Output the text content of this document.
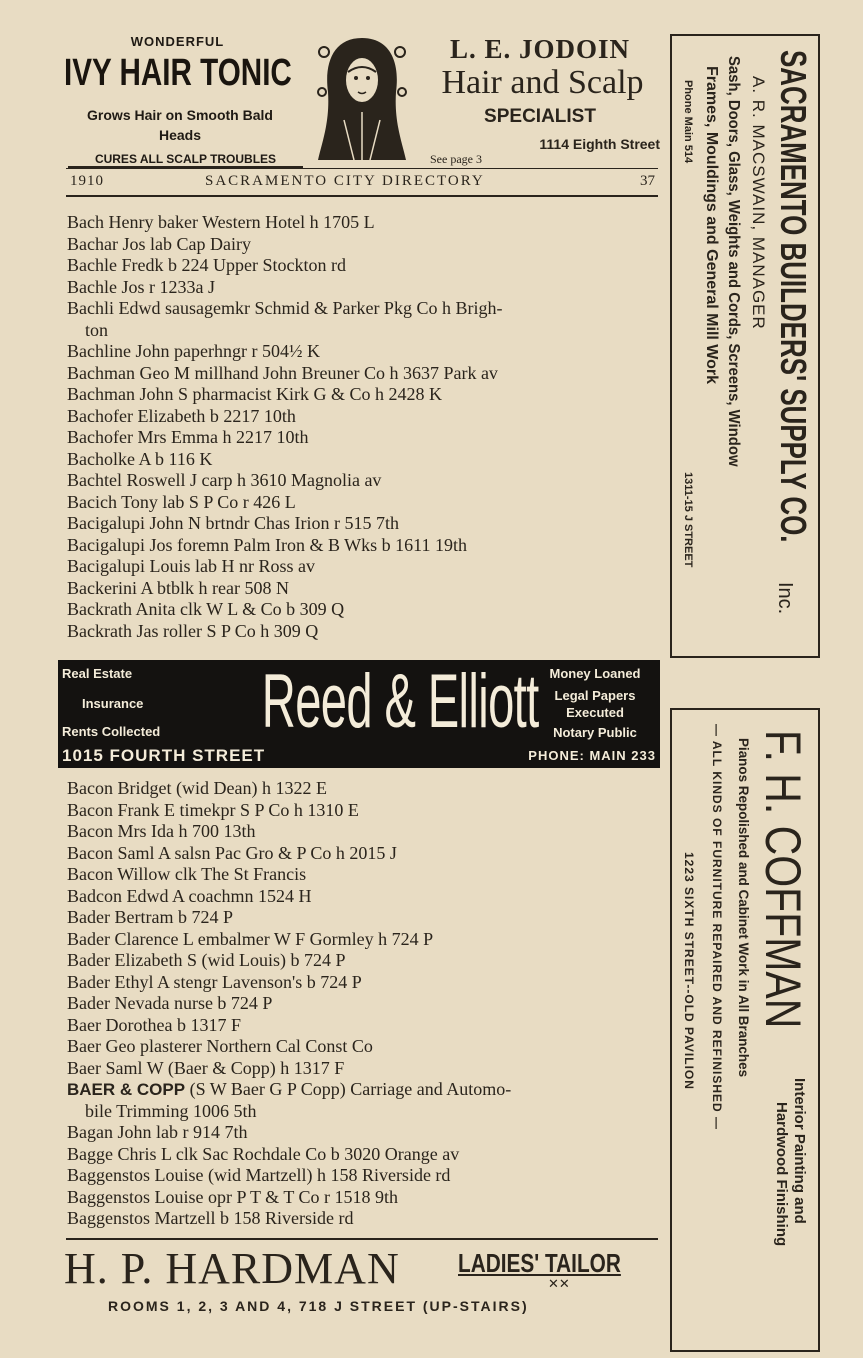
WONDERFUL
IVY HAIR TONIC
Grows Hair on Smooth Bald Heads
CURES ALL SCALP TROUBLES
L. E. JODOIN
Hair and Scalp
SPECIALIST
1114 Eighth Street
See page 3
1910	SACRAMENTO CITY DIRECTORY	37
Bach Henry baker Western Hotel h 1705 L
Bachar Jos lab Cap Dairy
Bachle Fredk b 224 Upper Stockton rd
Bachle Jos r 1233a J
Bachli Edwd sausagemkr Schmid & Parker Pkg Co h Brigh-
ton
Bachline John paperhngr r 504½ K
Bachman Geo M millhand John Breuner Co h 3637 Park av
Bachman John S pharmacist Kirk G & Co h 2428 K
Bachofer Elizabeth b 2217 10th
Bachofer Mrs Emma h 2217 10th
Bacholke A b 116 K
Bachtel Roswell J carp h 3610 Magnolia av
Bacich Tony lab S P Co r 426 L
Bacigalupi John N brtndr Chas Irion r 515 7th
Bacigalupi Jos foremn Palm Iron & B Wks b 1611 19th
Bacigalupi Louis lab H nr Ross av
Backerini A btblk h rear 508 N
Backrath Anita clk W L & Co b 309 Q
Backrath Jas roller S P Co h 309 Q
Real Estate
Insurance
Rents Collected Reed & Elliott Money Loaned
Legal Papers
Executed
Notary Public
1015 FOURTH STREET	PHONE: MAIN 233
Bacon Bridget (wid Dean) h 1322 E
Bacon Frank E timekpr S P Co h 1310 E
Bacon Mrs Ida h 700 13th
Bacon Saml A salsn Pac Gro & P Co h 2015 J
Bacon Willow clk The St Francis
Badcon Edwd A coachmn 1524 H
Bader Bertram b 724 P
Bader Clarence L embalmer W F Gormley h 724 P
Bader Elizabeth S (wid Louis) b 724 P
Bader Ethyl A stengr Lavenson's b 724 P
Bader Nevada nurse b 724 P
Baer Dorothea b 1317 F
Baer Geo plasterer Northern Cal Const Co
Baer Saml W (Baer & Copp) h 1317 F
BAER & COPP (S W Baer G P Copp) Carriage and Automo-
bile Trimming 1006 5th
Bagan John lab r 914 7th
Bagge Chris L clk Sac Rochdale Co b 3020 Orange av
Baggenstos Louise (wid Martzell) h 158 Riverside rd
Baggenstos Louise opr P T & T Co r 1518 9th
Baggenstos Martzell b 158 Riverside rd
H. P. HARDMAN LADIES' TAILOR
✕✕
ROOMS 1, 2, 3 AND 4, 718 J STREET (UP-STAIRS)
SACRAMENTO BUILDERS' SUPPLY CO.
Inc.
A. R. MACSWAIN, MANAGER
Sash, Doors, Glass, Weights and Cords, Screens, Window
Frames, Mouldings and General Mill Work
Phone Main 514
1311-15 J STREET
F. H. COFFMAN
Interior Painting and
Hardwood Finishing
Pianos Repolished and Cabinet Work in All Branches
— ALL KINDS OF FURNITURE REPAIRED AND REFINISHED —
1223 SIXTH STREET--OLD PAVILION
